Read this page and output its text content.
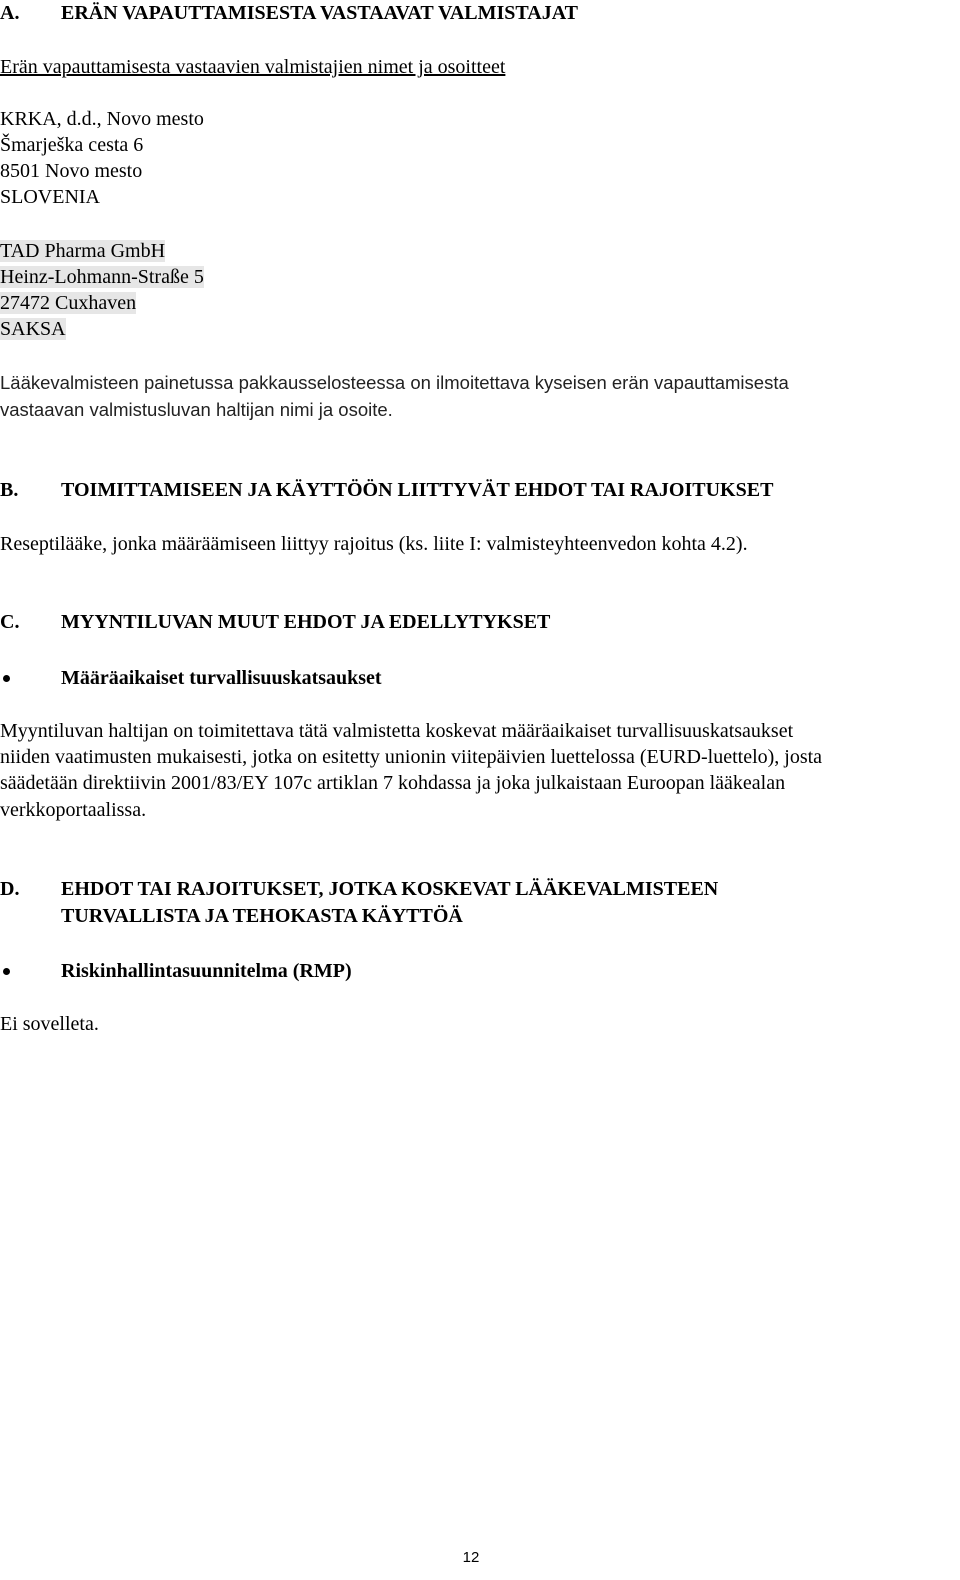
A. ERÄN VAPAUTTAMISESTA VASTAAVAT VALMISTAJAT
Erän vapauttamisesta vastaavien valmistajien nimet ja osoitteet
KRKA, d.d., Novo mesto
Šmarješka cesta 6
8501 Novo mesto
SLOVENIA
TAD Pharma GmbH
Heinz-Lohmann-Straße 5
27472 Cuxhaven
SAKSA
Lääkevalmisteen painetussa pakkausselosteessa on ilmoitettava kyseisen erän vapauttamisesta
vastaavan valmistusluvan haltijan nimi ja osoite.
B. TOIMITTAMISEEN JA KÄYTTÖÖN LIITTYVÄT EHDOT TAI RAJOITUKSET
Reseptilääke, jonka määräämiseen liittyy rajoitus (ks. liite I: valmisteyhteenvedon kohta 4.2).
C. MYYNTILUVAN MUUT EHDOT JA EDELLYTYKSET
Määräaikaiset turvallisuuskatsaukset
Myyntiluvan haltijan on toimitettava tätä valmistetta koskevat määräaikaiset turvallisuuskatsaukset
niiden vaatimusten mukaisesti, jotka on esitetty unionin viitepäivien luettelossa (EURD-luettelo), josta
säädetään direktiivin 2001/83/EY 107c artiklan 7 kohdassa ja joka julkaistaan Euroopan lääkealan
verkkoportaalissa.
D. EHDOT TAI RAJOITUKSET, JOTKA KOSKEVAT LÄÄKEVALMISTEEN
TURVALLISTA JA TEHOKASTA KÄYTTÖÄ
Riskinhallintasuunnitelma (RMP)
Ei sovelleta.
12
